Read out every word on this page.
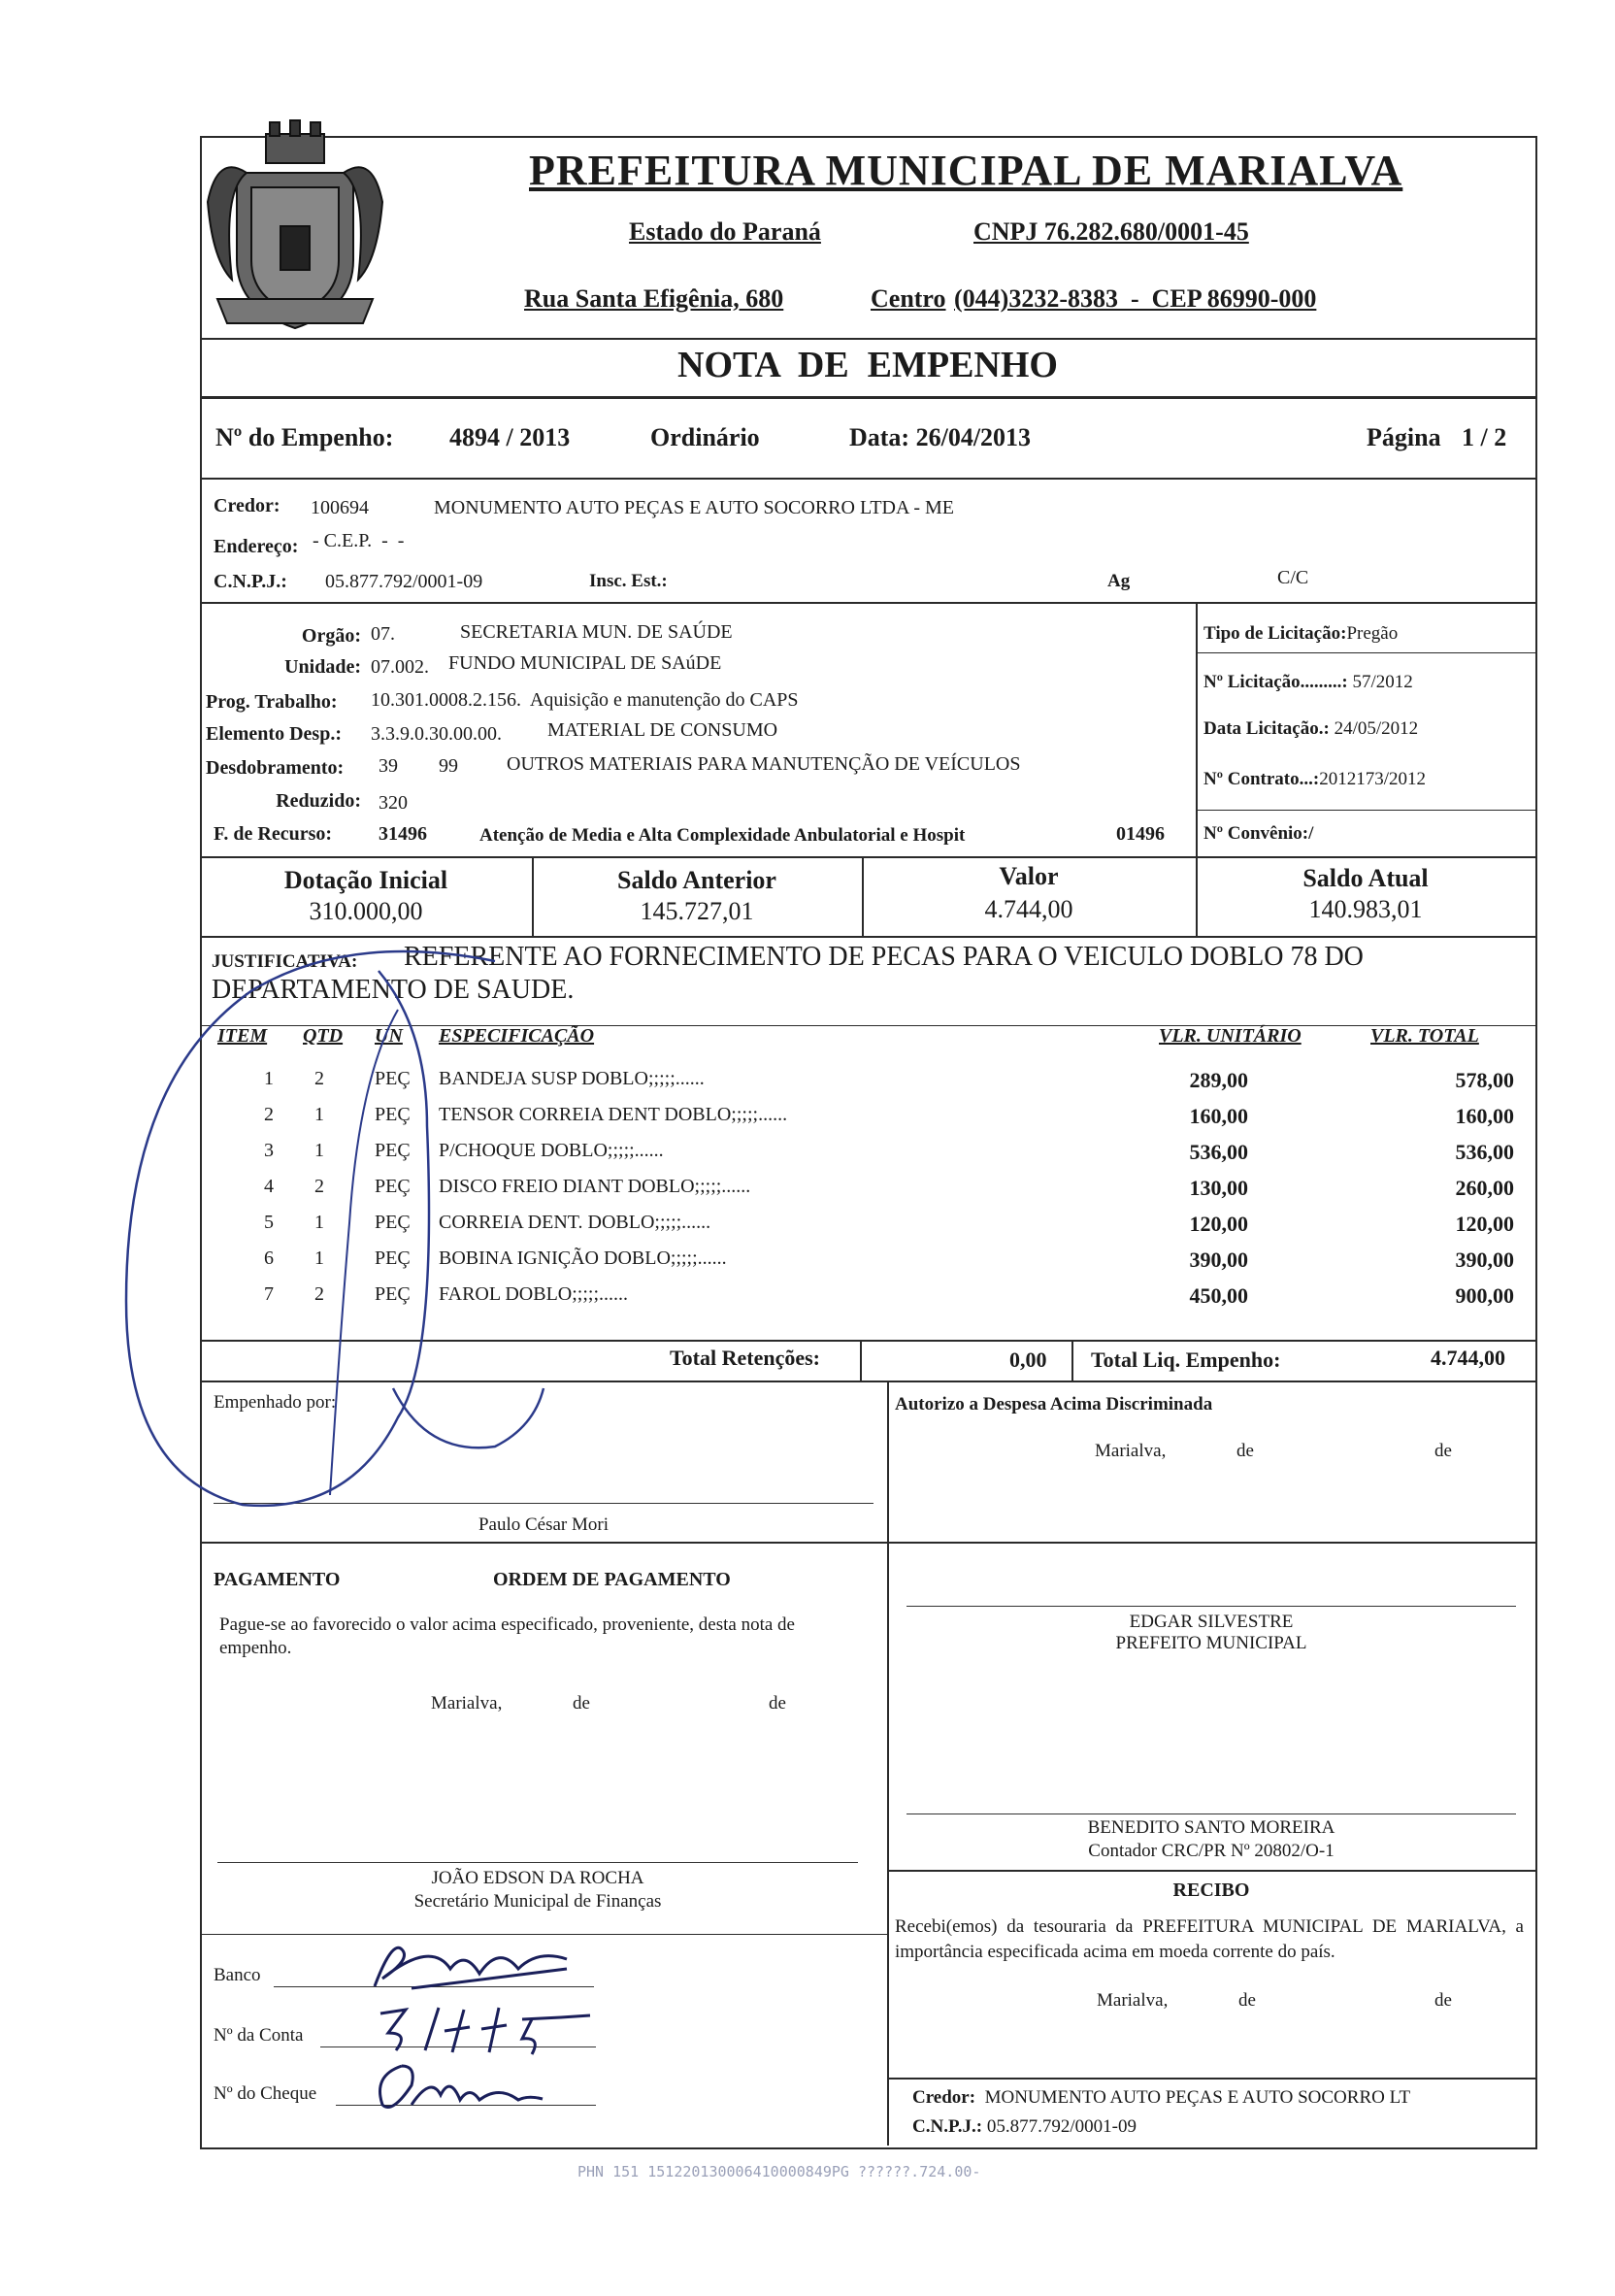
PREFEITURA MUNICIPAL DE MARIALVA
Estado do Paraná	CNPJ 76.282.680/0001-45
Rua Santa Efigênia, 680	Centro (044)3232-8383  -  CEP 86990-000
NOTA  DE  EMPENHO
Nº do Empenho: 4894 / 2013	Ordinário	Data: 26/04/2013	Página 1 / 2
Credor: 100694	MONUMENTO AUTO PEÇAS E AUTO SOCORRO LTDA - ME
Endereço: - C.E.P.  -  -
C.N.P.J.: 05.877.792/0001-09	Insc. Est.:	Ag	C/C
Orgão: 07.	SECRETARIA MUN. DE SAÚDE
Unidade: 07.002. FUNDO MUNICIPAL DE SAúDE
Prog. Trabalho: 10.301.0008.2.156.  Aquisição e manutenção do CAPS
Elemento Desp.: 3.3.9.0.30.00.00. MATERIAL DE CONSUMO
Desdobramento: 39 99	OUTROS MATERIAIS PARA MANUTENÇÃO DE VEÍCULOS
Reduzido: 320
F. de Recurso: 31496	Atenção de Media e Alta Complexidade Anbulatorial e Hospit	01496
Tipo de Licitação:Pregão
Nº Licitação.........: 57/2012
Data Licitação.: 24/05/2012
Nº Contrato...:2012173/2012
Nº Convênio:/
Dotação Inicial
310.000,00
Saldo Anterior
145.727,01
Valor
4.744,00
Saldo Atual
140.983,01
JUSTIFICATIVA: REFERENTE AO FORNECIMENTO DE PECAS PARA O VEICULO DOBLO 78 DO
DEPARTAMENTO DE SAUDE.
ITEM QTD UN ESPECIFICAÇÃO	VLR. UNITÁRIO	VLR. TOTAL
1 2	PEÇ BANDEJA SUSP DOBLO;;;;;......	289,00	578,00
2 1	PEÇ TENSOR CORREIA DENT DOBLO;;;;;......	160,00	160,00
3 1	PEÇ P/CHOQUE DOBLO;;;;;......	536,00	536,00
4 2	PEÇ DISCO FREIO DIANT DOBLO;;;;;......	130,00	260,00
5 1	PEÇ CORREIA DENT. DOBLO;;;;;......	120,00	120,00
6 1	PEÇ BOBINA IGNIÇÃO DOBLO;;;;;......	390,00	390,00
7 2	PEÇ FAROL DOBLO;;;;;......	450,00	900,00
Total Retenções:	0,00 Total Liq. Empenho:	4.744,00
Empenhado por:
Paulo César Mori
Autorizo a Despesa Acima Discriminada
Marialva,	de	de
PAGAMENTO	ORDEM DE PAGAMENTO
Pague-se ao favorecido o valor acima especificado, proveniente, desta nota de empenho.
Marialva,	de	de
EDGAR SILVESTRE
PREFEITO MUNICIPAL
BENEDITO SANTO MOREIRA
Contador CRC/PR Nº 20802/O-1
JOÃO EDSON DA ROCHA
Secretário Municipal de Finanças
RECIBO
Recebi(emos) da tesouraria da PREFEITURA MUNICIPAL DE MARIALVA, a importância especificada acima em moeda corrente do país.
Marialva,	de	de
Credor: MONUMENTO AUTO PEÇAS E AUTO SOCORRO LT
C.N.P.J.: 05.877.792/0001-09
Banco
Nº da Conta
Nº do Cheque
PHN 151 151220130006410000849PG ??????.724.00-
